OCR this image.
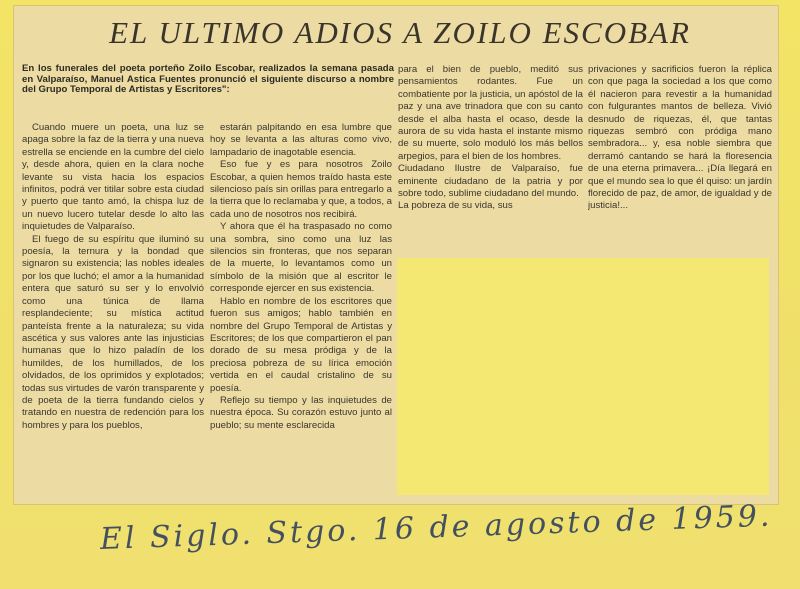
EL ULTIMO ADIOS A ZOILO ESCOBAR
En los funerales del poeta porteño Zoilo Escobar, realizados la semana pasada en Valparaíso, Manuel Astica Fuentes pronunció el siguiente discurso a nombre del Grupo Temporal de Artistas y Escritores":

Cuando muere un poeta, una luz se apaga sobre la faz de la tierra y una nueva estrella se enciende en la cumbre del cielo y, desde ahora, quien en la clara noche levante su vista hacia los espacios infinitos, podrá ver titilar sobre esta ciudad y puerto que tanto amó, la chispa luz de un nuevo lucero tutelar desde lo alto las inquietudes de Valparaíso.

El fuego de su espíritu que iluminó su poesía, la ternura y la bondad que signaron su existencia; las nobles ideales por los que luchó; el amor a la humanidad entera que saturó su ser y lo envolvió como una túnica de llama resplandeciente; su mística actitud panteísta frente a la naturaleza; su vida ascética y sus valores ante las injusticias humanas que lo hizo paladín de los humildes, de los humillados, de los olvidados, de los oprimidos y explotados; todas sus virtudes de varón transparente y de poeta de la tierra fundando cielos y tratando en nuestra de redención para los hombres y para los pueblos,

estarán palpitando en esa lumbre que hoy se levanta a las alturas como vivo, lampadario de inagotable esencia.

Eso fue y es para nosotros Zoilo Escobar, a quien hemos traído hasta este silencioso país sin orillas para entregarlo a la tierra que lo reclamaba y que, a todos, a cada uno de nosotros nos recibirá.

Y ahora que él ha traspasado no como una sombra, sino como una luz las silencios sin fronteras, que nos separan de la muerte, lo levantamos como un símbolo de la misión que al escritor le corresponde ejercer en sus existencia.

Hablo en nombre de los escritores que fueron sus amigos; hablo también en nombre del Grupo Temporal de Artistas y Escritores; de los que compartieron el pan dorado de su mesa pródiga y de la preciosa pobreza de su lírica emoción vertida en el caudal cristalino de su poesía.

Reflejo su tiempo y las inquietudes de nuestra época. Su corazón estuvo junto al pueblo; su mente esclarecida

para el bien de pueblo, meditó sus pensamientos rodantes. Fue un combatiente por la justicia, un apóstol de la paz y una ave trinadora que con su canto desde el alba hasta el ocaso, desde la aurora de su vida hasta el instante mismo de su muerte, solo moduló los más bellos arpegios, para el bien de los hombres.

Ciudadano Ilustre de Valparaíso, fue eminente ciudadano de la patria y por sobre todo, sublime ciudadano del mundo.

La pobreza de su vida, sus

privaciones y sacrificios fueron la réplica con que paga la sociedad a los que como él nacieron para revestir a la humanidad con fulgurantes mantos de belleza. Vivió desnudo de riquezas, él, que tantas riquezas sembró con pródiga mano sembradora... y, esa noble siembra que derramó cantando se hará la floresencia de una eterna primavera... ¡Día llegará en que el mundo sea lo que él quiso: un jardín florecido de paz, de amor, de igualdad y de justicia!...

El Siglo. Stgo. 16 de agosto de 1959.
